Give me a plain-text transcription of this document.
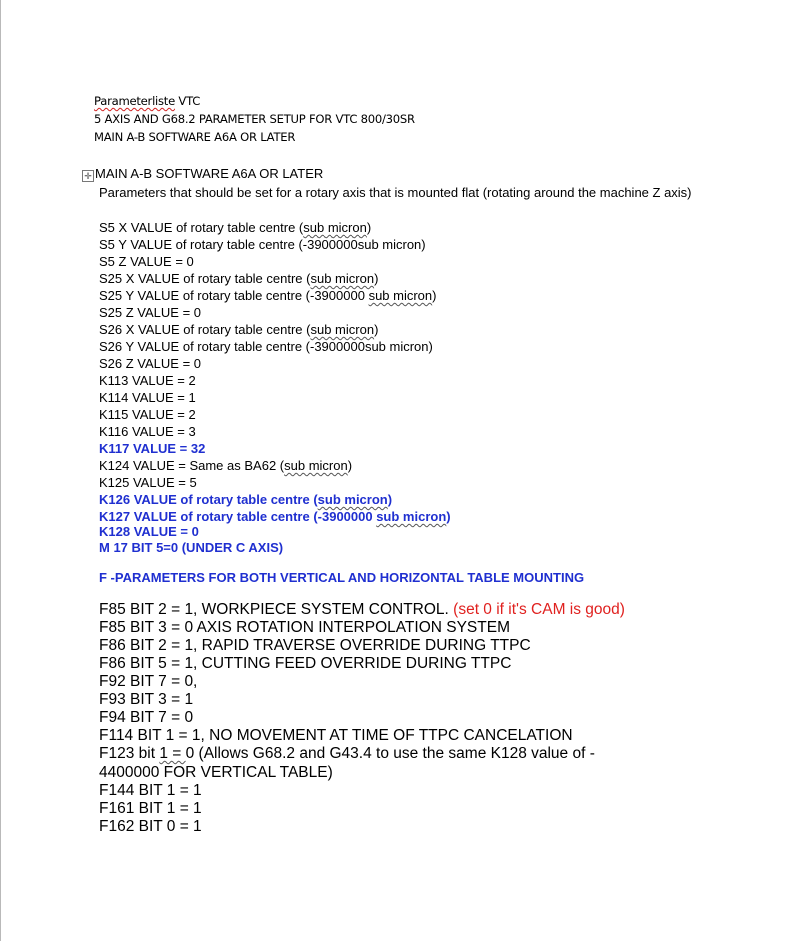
Parameterliste VTC
5 AXIS AND G68.2 PARAMETER SETUP FOR VTC 800/30SR
MAIN A-B SOFTWARE A6A OR LATER
✛ MAIN A-B SOFTWARE A6A OR LATER
Parameters that should be set for a rotary axis that is mounted flat (rotating around the machine Z axis)
S5 X VALUE of rotary table centre (sub micron)
S5 Y VALUE of rotary table centre (-3900000sub micron)
S5 Z VALUE = 0
S25 X VALUE of rotary table centre (sub micron)
S25 Y VALUE of rotary table centre (-3900000 sub micron)
S25 Z VALUE = 0
S26 X VALUE of rotary table centre (sub micron)
S26 Y VALUE of rotary table centre (-3900000sub micron)
S26 Z VALUE = 0
K113 VALUE = 2
K114 VALUE = 1
K115 VALUE = 2
K116 VALUE = 3
K117 VALUE = 32
K124 VALUE = Same as BA62 (sub micron)
K125 VALUE = 5
K126 VALUE of rotary table centre (sub micron)
K127 VALUE of rotary table centre (-3900000 sub micron)
K128 VALUE = 0
M 17 BIT 5=0 (UNDER C AXIS)
F -PARAMETERS FOR BOTH VERTICAL AND HORIZONTAL TABLE MOUNTING
F85 BIT 2 = 1, WORKPIECE SYSTEM CONTROL. (set 0 if it's CAM is good)
F85 BIT 3 = 0 AXIS ROTATION INTERPOLATION SYSTEM
F86 BIT 2 = 1, RAPID TRAVERSE OVERRIDE DURING TTPC
F86 BIT 5 = 1, CUTTING FEED OVERRIDE DURING TTPC
F92 BIT 7 = 0,
F93 BIT 3 = 1
F94 BIT 7 = 0
F114 BIT 1 = 1, NO MOVEMENT AT TIME OF TTPC CANCELATION
F123 bit 1 = 0 (Allows G68.2 and G43.4 to use the same K128 value of -
4400000 FOR VERTICAL TABLE)
F144 BIT 1 = 1
F161 BIT 1 = 1
F162 BIT 0 = 1
